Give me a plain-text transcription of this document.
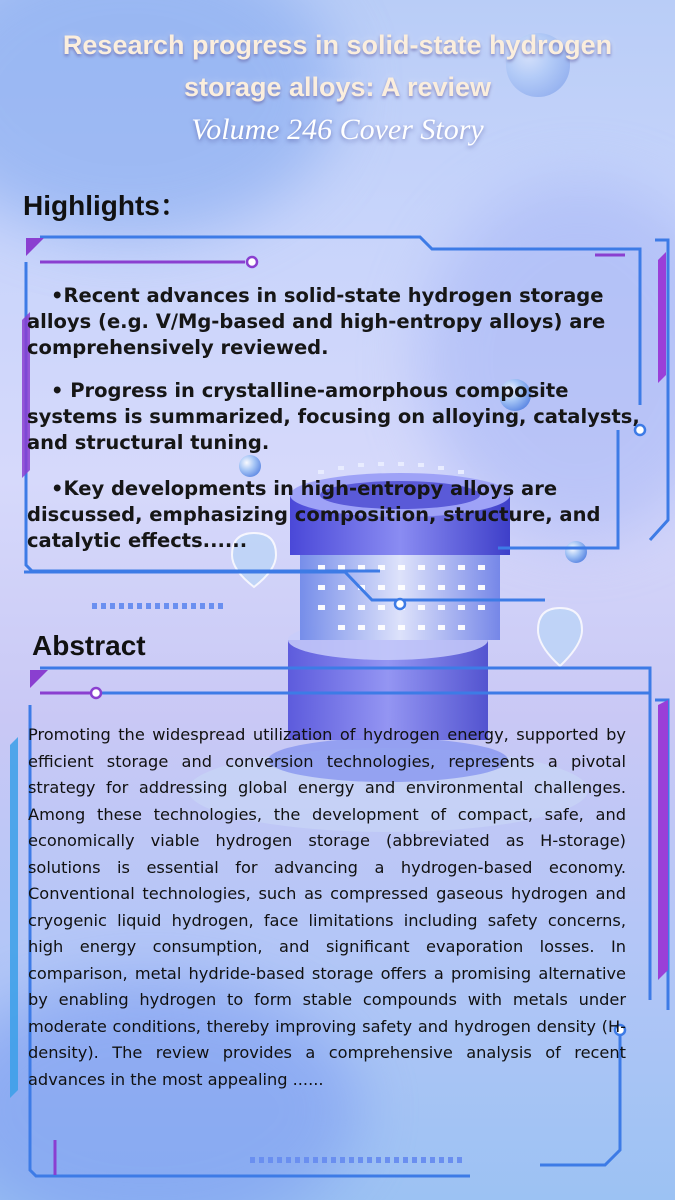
Research progress in solid-state hydrogen
storage alloys: A review
Volume 246 Cover Story
Highlights：
•Recent advances in solid-state hydrogen storage alloys (e.g. V/Mg-based and high-entropy alloys) are comprehensively reviewed.
• Progress in crystalline-amorphous composite systems is summarized, focusing on alloying, catalysts, and structural tuning.
•Key developments in high-entropy alloys are discussed, emphasizing composition, structure, and catalytic effects......
Abstract
Promoting the widespread utilization of hydrogen energy, supported by efficient storage and conversion technologies, represents a pivotal strategy for addressing global energy and environmental challenges. Among these technologies, the development of compact, safe, and economically viable hydrogen storage (abbreviated as H-storage) solutions is essential for advancing a hydrogen-based economy. Conventional technologies, such as compressed gaseous hydrogen and cryogenic liquid hydrogen, face limitations including safety concerns, high energy consumption, and significant evaporation losses. In comparison, metal hydride-based storage offers a promising alternative by enabling hydrogen to form stable compounds with metals under moderate conditions, thereby improving safety and hydrogen density (H-density). The review provides a comprehensive analysis of recent advances in the most appealing ......
